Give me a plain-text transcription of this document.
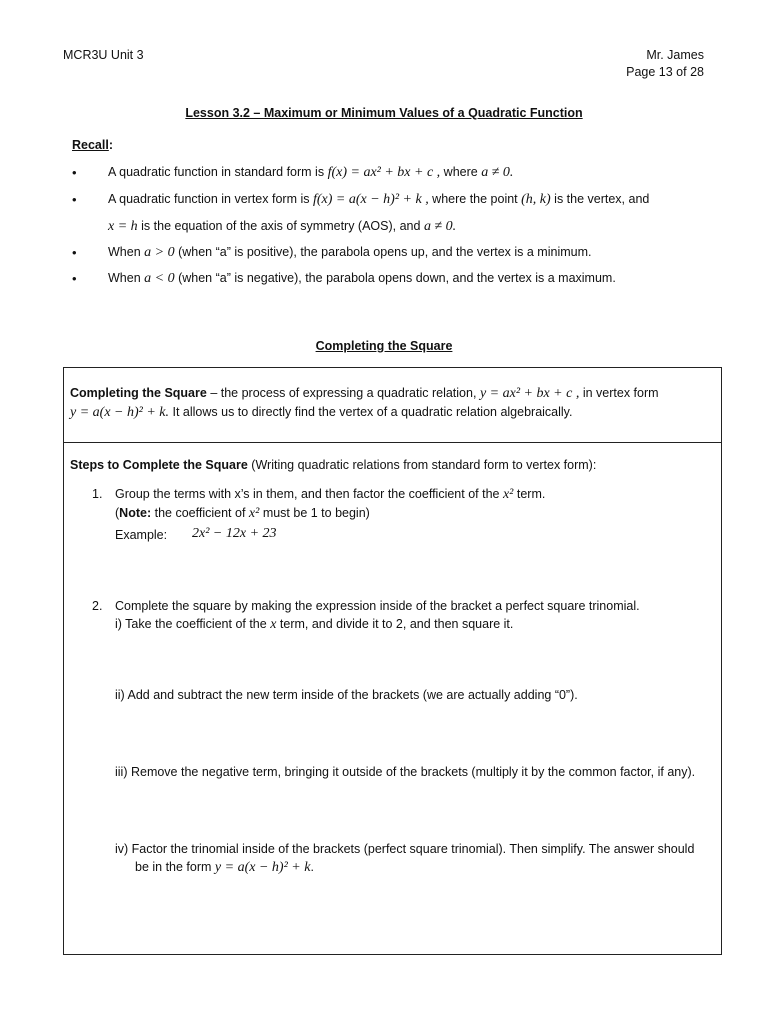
MCR3U Unit 3	Mr. James
Page 13 of 28
Lesson 3.2 – Maximum or Minimum Values of a Quadratic Function
Recall:
•	A quadratic function in standard form is f(x) = ax² + bx + c , where a ≠ 0.
•	A quadratic function in vertex form is f(x) = a(x − h)² + k , where the point (h, k) is the vertex, and
x = h is the equation of the axis of symmetry (AOS), and a ≠ 0.
•	When a > 0 (when “a” is positive), the parabola opens up, and the vertex is a minimum.
•	When a < 0 (when “a” is negative), the parabola opens down, and the vertex is a maximum.
Completing the Square
Completing the Square – the process of expressing a quadratic relation, y = ax² + bx + c , in vertex form
y = a(x − h)² + k. It allows us to directly find the vertex of a quadratic relation algebraically.
Steps to Complete the Square (Writing quadratic relations from standard form to vertex form):
1. Group the terms with x’s in them, and then factor the coefficient of the x² term.
(Note: the coefficient of x² must be 1 to begin)
Example: 2x² − 12x + 23
2. Complete the square by making the expression inside of the bracket a perfect square trinomial.
i) Take the coefficient of the x term, and divide it to 2, and then square it.
ii) Add and subtract the new term inside of the brackets (we are actually adding “0”).
iii) Remove the negative term, bringing it outside of the brackets (multiply it by the common factor, if any).
iv) Factor the trinomial inside of the brackets (perfect square trinomial). Then simplify. The answer should
be in the form y = a(x − h)² + k.
